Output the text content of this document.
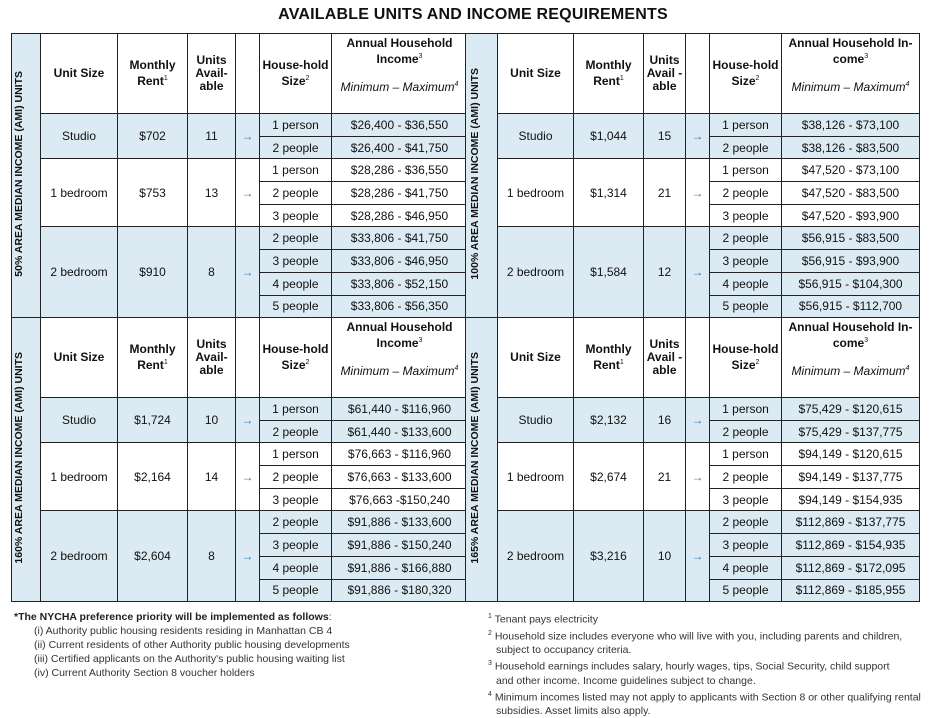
AVAILABLE UNITS AND INCOME REQUIREMENTS
50% AREA MEDIAN INCOME (AMI) UNITS	Unit Size	Monthly Rent$^1$	Units Avail-able		House-hold Size$^2$	Annual Household Income$^3$
Minimum – Maximum$^4$

	Studio	$702	11	→	1 person	$26,400 - $36,550
					2 people	$26,400 - $41,750
	1 bedroom	$753	13	→	1 person	$28,286 - $36,550
					2 people	$28,286 - $41,750
					3 people	$28,286 - $46,950
	2 bedroom	$910	8	→	2 people	$33,806 - $41,750
					3 people	$33,806 - $46,950
					4 people	$33,806 - $52,150
					5 people	$33,806 - $56,350
100% AREA MEDIAN INCOME (AMI) UNITS	Unit Size	Monthly Rent$^1$	Units Avail -able		House-hold Size$^2$	Annual Household In-come$^3$
Minimum – Maximum$^4$

	Studio	$1,044	15	→	1 person	$38,126 - $73,100
					2 people	$38,126 - $83,500
	1 bedroom	$1,314	21	→	1 person	$47,520 - $73,100
					2 people	$47,520 - $83,500
					3 people	$47,520 - $93,900
	2 bedroom	$1,584	12	→	2 people	$56,915 - $83,500
					3 people	$56,915 - $93,900
					4 people	$56,915 - $104,300
					5 people	$56,915 - $112,700
160% AREA MEDIAN INCOME (AMI) UNITS	Unit Size	Monthly Rent$^1$	Units Avail-able		House-hold Size$^2$	Annual Household Income$^3$
Minimum – Maximum$^4$

	Studio	$1,724	10	→	1 person	$61,440 - $116,960
					2 people	$61,440 - $133,600
	1 bedroom	$2,164	14	→	1 person	$76,663 - $116,960
					2 people	$76,663 - $133,600
					3 people	$76,663 -$150,240
	2 bedroom	$2,604	8	→	2 people	$91,886 - $133,600
					3 people	$91,886 - $150,240
					4 people	$91,886 - $166,880
					5 people	$91,886 - $180,320
165% AREA MEDIAN INCOME (AMI) UNITS	Unit Size	Monthly Rent$^1$	Units Avail -able		House-hold Size$^2$	Annual Household In-come$^3$
Minimum – Maximum$^4$

	Studio	$2,132	16	→	1 person	$75,429 - $120,615
					2 people	$75,429 - $137,775
	1 bedroom	$2,674	21	→	1 person	$94,149 - $120,615
					2 people	$94,149 - $137,775
					3 people	$94,149 - $154,935
	2 bedroom	$3,216	10	→	2 people	$112,869 - $137,775
					3 people	$112,869 - $154,935
					4 people	$112,869 - $172,095
					5 people	$112,869 - $185,955
*The NYCHA preference priority will be implemented as follows:
(i) Authority public housing residents residing in Manhattan CB 4
(ii) Current residents of other Authority public housing developments
(iii) Certified applicants on the Authority's public housing waiting list
(iv) Current Authority Section 8 voucher holders
$^1$ Tenant pays electricity
$^2$ Household size includes everyone who will live with you, including parents and children,
subject to occupancy criteria.
$^3$ Household earnings includes salary, hourly wages, tips, Social Security, child support
and other income. Income guidelines subject to change.
$^4$ Minimum incomes listed may not apply to applicants with Section 8 or other qualifying rental
subsidies. Asset limits also apply.
